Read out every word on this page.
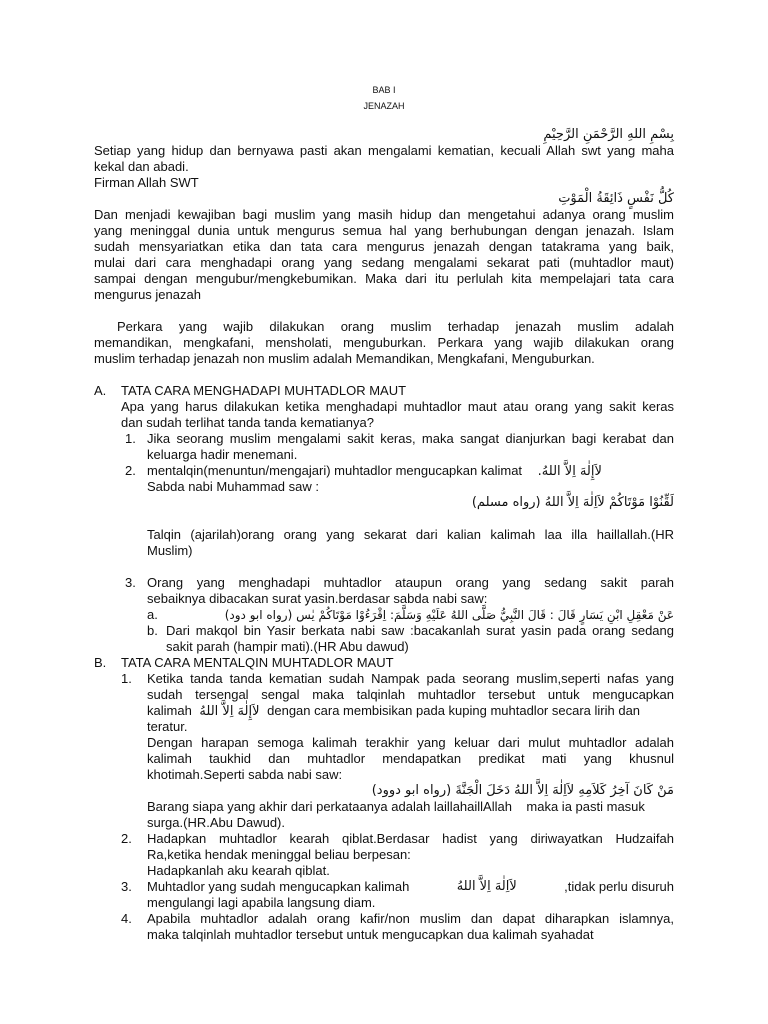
BAB I
JENAZAH
بِسْمِ اللهِ الرَّحْمَنِ الرَّحِيْمِ
Setiap yang hidup dan bernyawa pasti akan mengalami kematian, kecuali Allah swt yang maha
kekal dan abadi.
Firman Allah SWT
كُلُّ نَفْسٍ ذَائِقَةُ الْمَوْتِ
Dan menjadi kewajiban bagi muslim yang masih hidup dan mengetahui adanya orang muslim
yang meninggal dunia untuk mengurus semua hal yang berhubungan dengan jenazah. Islam
sudah mensyariatkan etika dan tata cara mengurus jenazah dengan tatakrama yang baik,
mulai dari cara menghadapi orang yang sedang mengalami sekarat pati (muhtadlor maut)
sampai dengan mengubur/mengkebumikan. Maka dari itu perlulah kita mempelajari tata cara
mengurus jenazah
Perkara yang wajib dilakukan orang muslim terhadap jenazah muslim adalah
memandikan, mengkafani, mensholati, menguburkan. Perkara yang wajib dilakukan orang
muslim terhadap jenazah non muslim adalah Memandikan, Mengkafani, Menguburkan.
A. TATA CARA MENGHADAPI MUHTADLOR MAUT
Apa yang harus dilakukan ketika menghadapi muhtadlor maut atau orang yang sakit keras
dan sudah terlihat tanda tanda kematianya?
1. Jika seorang muslim mengalami sakit keras, maka sangat dianjurkan bagi kerabat dan
keluarga hadir menemani.
2. mentalqin(menuntun/mengajari) muhtadlor mengucapkan kalimat لاَإِلٰهَ اِلاَّ اللهُ.
Sabda nabi Muhammad saw :
لَقِّنُوْا مَوْتَاكُمْ لاَاِلٰهَ اِلاَّ اللهُ (رواه مسلم)
Talqin (ajarilah)orang orang yang sekarat dari kalian kalimah laa illa haillallah.(HR
Muslim)
3. Orang yang menghadapi muhtadlor ataupun orang yang sedang sakit parah
sebaiknya dibacakan surat yasin.berdasar sabda nabi saw:
a.	عَنْ مَعْقِلِ ابْنِ يَسَارٍ قَالَ : قَالَ النَّبِيُّ صَلَّى اللهُ عَلَيْهِ وَسَلَّمَ: اِقْرَءُوْا مَوْتَاكُمْ يٰس (رواه ابو دود)
b. Dari makqol bin Yasir berkata nabi saw :bacakanlah surat yasin pada orang sedang
sakit parah (hampir mati).(HR Abu dawud)
B. TATA CARA MENTALQIN MUHTADLOR MAUT
1. Ketika tanda tanda kematian sudah Nampak pada seorang muslim,seperti nafas yang
sudah tersengal sengal maka talqinlah muhtadlor tersebut untuk mengucapkan
kalimah لاَإِلٰهَ اِلاَّ اللهُ dengan cara membisikan pada kuping muhtadlor secara lirih dan
teratur.
Dengan harapan semoga kalimah terakhir yang keluar dari mulut muhtadlor adalah
kalimah taukhid dan muhtadlor mendapatkan predikat mati yang khusnul
khotimah.Seperti sabda nabi saw:
مَنْ كَانَ آخِرُ كَلاَمِهِ لاَاِلٰهَ اِلاَّ اللهُ دَخَلَ الْجَنَّةَ (رواه ابو دوود)
Barang siapa yang akhir dari perkataanya adalah laillahaillAllah    maka ia pasti masuk
surga.(HR.Abu Dawud).
2. Hadapkan muhtadlor kearah qiblat.Berdasar hadist yang diriwayatkan Hudzaifah
Ra,ketika hendak meninggal beliau berpesan:
Hadapkanlah aku kearah qiblat.
3. Muhtadlor yang sudah mengucapkan kalimah	لاَاِلٰهَ اِلاَّ اللهُ	,tidak perlu disuruh
mengulangi lagi apabila langsung diam.
4. Apabila muhtadlor adalah orang kafir/non muslim dan dapat diharapkan islamnya,
maka talqinlah muhtadlor tersebut untuk mengucapkan dua kalimah syahadat
